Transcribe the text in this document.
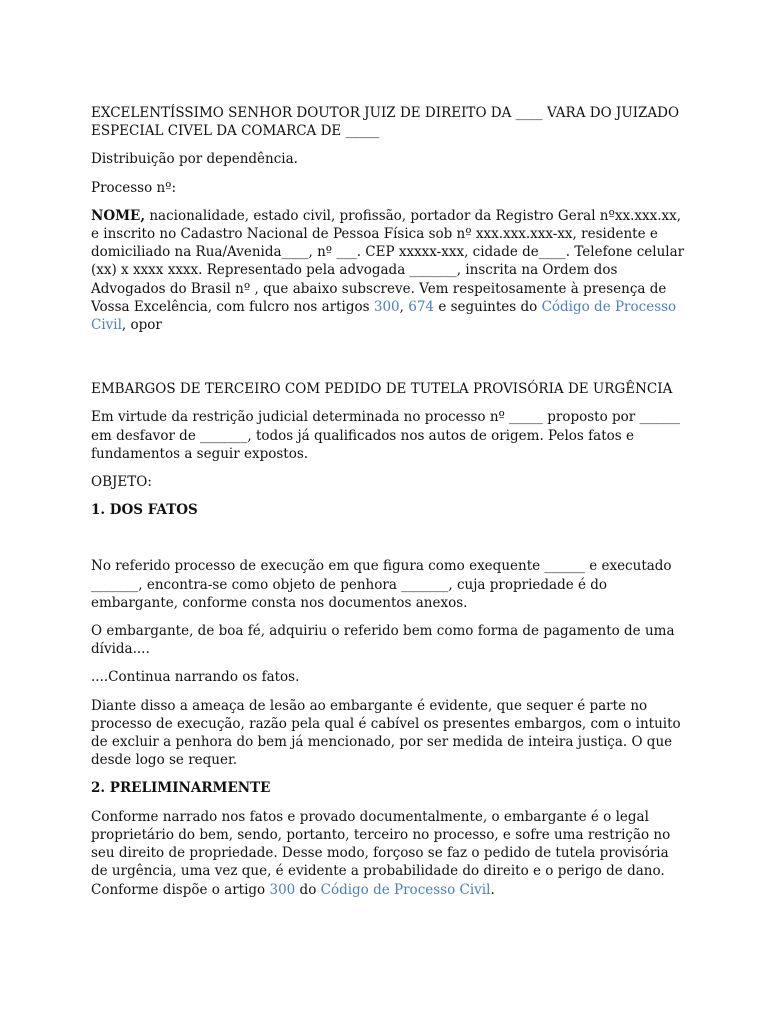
EXCELENTÍSSIMO SENHOR DOUTOR JUIZ DE DIREITO DA ____ VARA DO JUIZADO
ESPECIAL CIVEL DA COMARCA DE _____

Distribuição por dependência.

Processo nº:

NOME, nacionalidade, estado civil, profissão, portador da Registro Geral nºxx.xxx.xx, e inscrito no Cadastro Nacional de Pessoa Física sob nº xxx.xxx.xxx-xx, residente e domiciliado na Rua/Avenida____, nº ___. CEP xxxxx-xxx, cidade de____. Telefone celular (xx) x xxxx xxxx. Representado pela advogada _______, inscrita na Ordem dos Advogados do Brasil nº , que abaixo subscreve. Vem respeitosamente à presença de Vossa Excelência, com fulcro nos artigos 300, 674 e seguintes do Código de Processo Civil, opor

EMBARGOS DE TERCEIRO COM PEDIDO DE TUTELA PROVISÓRIA DE URGÊNCIA

Em virtude da restrição judicial determinada no processo nº _____ proposto por ______ em desfavor de _______, todos já qualificados nos autos de origem. Pelos fatos e fundamentos a seguir expostos.

OBJETO:

1. DOS FATOS

No referido processo de execução em que figura como exequente ______ e executado _______, encontra-se como objeto de penhora _______, cuja propriedade é do embargante, conforme consta nos documentos anexos.

O embargante, de boa fé, adquiriu o referido bem como forma de pagamento de uma dívida....

....Continua narrando os fatos.

Diante disso a ameaça de lesão ao embargante é evidente, que sequer é parte no processo de execução, razão pela qual é cabível os presentes embargos, com o intuito de excluir a penhora do bem já mencionado, por ser medida de inteira justiça. O que desde logo se requer.

2. PRELIMINARMENTE

Conforme narrado nos fatos e provado documentalmente, o embargante é o legal proprietário do bem, sendo, portanto, terceiro no processo, e sofre uma restrição no seu direito de propriedade. Desse modo, forçoso se faz o pedido de tutela provisória de urgência, uma vez que, é evidente a probabilidade do direito e o perigo de dano. Conforme dispõe o artigo 300 do Código de Processo Civil.
